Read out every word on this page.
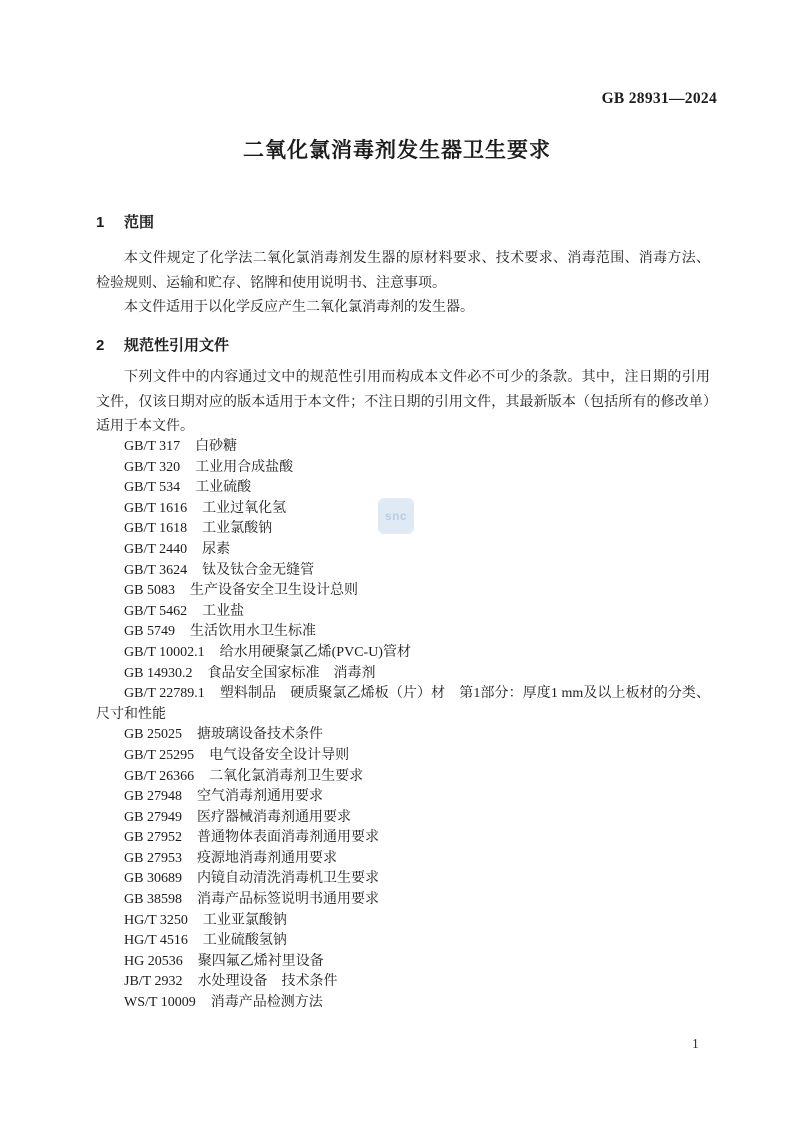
GB 28931—2024
二氧化氯消毒剂发生器卫生要求
1 范围

本文件规定了化学法二氧化氯消毒剂发生器的原材料要求、技术要求、消毒范围、消毒方法、检验规则、运输和贮存、铭牌和使用说明书、注意事项。

本文件适用于以化学反应产生二氧化氯消毒剂的发生器。

2 规范性引用文件

下列文件中的内容通过文中的规范性引用而构成本文件必不可少的条款。其中，注日期的引用文件，仅该日期对应的版本适用于本文件；不注日期的引用文件，其最新版本（包括所有的修改单）适用于本文件。

GB/T 317 白砂糖
GB/T 320 工业用合成盐酸
GB/T 534 工业硫酸
GB/T 1616 工业过氧化氢
GB/T 1618 工业氯酸钠
GB/T 2440 尿素
GB/T 3624 钛及钛合金无缝管
GB 5083 生产设备安全卫生设计总则
GB/T 5462 工业盐
GB 5749 生活饮用水卫生标准
GB/T 10002.1 给水用硬聚氯乙烯(PVC-U)管材
GB 14930.2 食品安全国家标准　消毒剂
GB/T 22789.1 塑料制品　硬质聚氯乙烯板（片）材　第1部分：厚度1 mm及以上板材的分类、尺寸和性能
GB 25025 搪玻璃设备技术条件
GB/T 25295 电气设备安全设计导则
GB/T 26366 二氧化氯消毒剂卫生要求
GB 27948 空气消毒剂通用要求
GB 27949 医疗器械消毒剂通用要求
GB 27952 普通物体表面消毒剂通用要求
GB 27953 疫源地消毒剂通用要求
GB 30689 内镜自动清洗消毒机卫生要求
GB 38598 消毒产品标签说明书通用要求
HG/T 3250 工业亚氯酸钠
HG/T 4516 工业硫酸氢钠
HG 20536 聚四氟乙烯衬里设备
JB/T 2932 水处理设备　技术条件
WS/T 10009 消毒产品检测方法
snc
1
